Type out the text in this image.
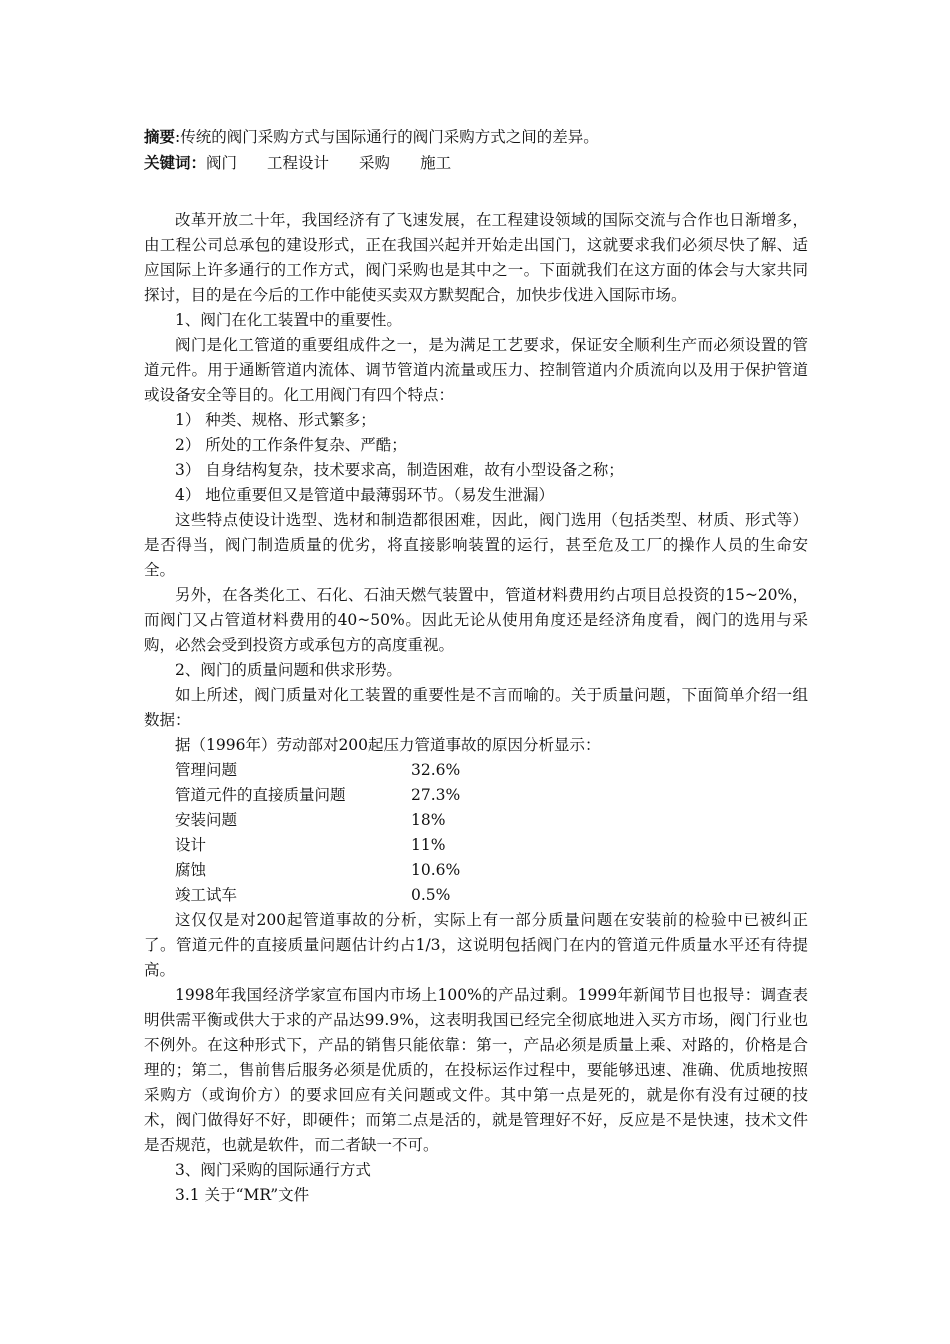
摘要:传统的阀门采购方式与国际通行的阀门采购方式之间的差异。

关键词：阀门 工程设计 采购 施工

改革开放二十年，我国经济有了飞速发展，在工程建设领域的国际交流与合作也日渐增多，由工程公司总承包的建设形式，正在我国兴起并开始走出国门，这就要求我们必须尽快了解、适应国际上许多通行的工作方式，阀门采购也是其中之一。下面就我们在这方面的体会与大家共同探讨，目的是在今后的工作中能使买卖双方默契配合，加快步伐进入国际市场。

1、阀门在化工装置中的重要性。

阀门是化工管道的重要组成件之一，是为满足工艺要求，保证安全顺利生产而必须设置的管道元件。用于通断管道内流体、调节管道内流量或压力、控制管道内介质流向以及用于保护管道或设备安全等目的。化工用阀门有四个特点：

1） 种类、规格、形式繁多；

2） 所处的工作条件复杂、严酷；

3） 自身结构复杂，技术要求高，制造困难，故有小型设备之称；

4） 地位重要但又是管道中最薄弱环节。（易发生泄漏）

这些特点使设计选型、选材和制造都很困难，因此，阀门选用（包括类型、材质、形式等）是否得当，阀门制造质量的优劣，将直接影响装置的运行，甚至危及工厂的操作人员的生命安全。

另外，在各类化工、石化、石油天燃气装置中，管道材料费用约占项目总投资的15~20%，而阀门又占管道材料费用的40~50%。因此无论从使用角度还是经济角度看，阀门的选用与采购，必然会受到投资方或承包方的高度重视。

2、阀门的质量问题和供求形势。

如上所述，阀门质量对化工装置的重要性是不言而喻的。关于质量问题，下面简单介绍一组数据：

据（1996年）劳动部对200起压力管道事故的原因分析显示：

管理问题	32.6%
管道元件的直接质量问题	27.3%
安装问题	18%
设计	11%
腐蚀	10.6%
竣工试车	0.5%

这仅仅是对200起管道事故的分析，实际上有一部分质量问题在安装前的检验中已被纠正了。管道元件的直接质量问题估计约占1/3，这说明包括阀门在内的管道元件质量水平还有待提高。

1998年我国经济学家宣布国内市场上100%的产品过剩。1999年新闻节目也报导：调查表明供需平衡或供大于求的产品达99.9%，这表明我国已经完全彻底地进入买方市场，阀门行业也不例外。在这种形式下，产品的销售只能依靠：第一，产品必须是质量上乘、对路的，价格是合理的；第二，售前售后服务必须是优质的，在投标运作过程中，要能够迅速、准确、优质地按照采购方（或询价方）的要求回应有关问题或文件。其中第一点是死的，就是你有没有过硬的技术，阀门做得好不好，即硬件；而第二点是活的，就是管理好不好，反应是不是快速，技术文件是否规范，也就是软件，而二者缺一不可。

3、阀门采购的国际通行方式

3.1 关于“MR”文件
